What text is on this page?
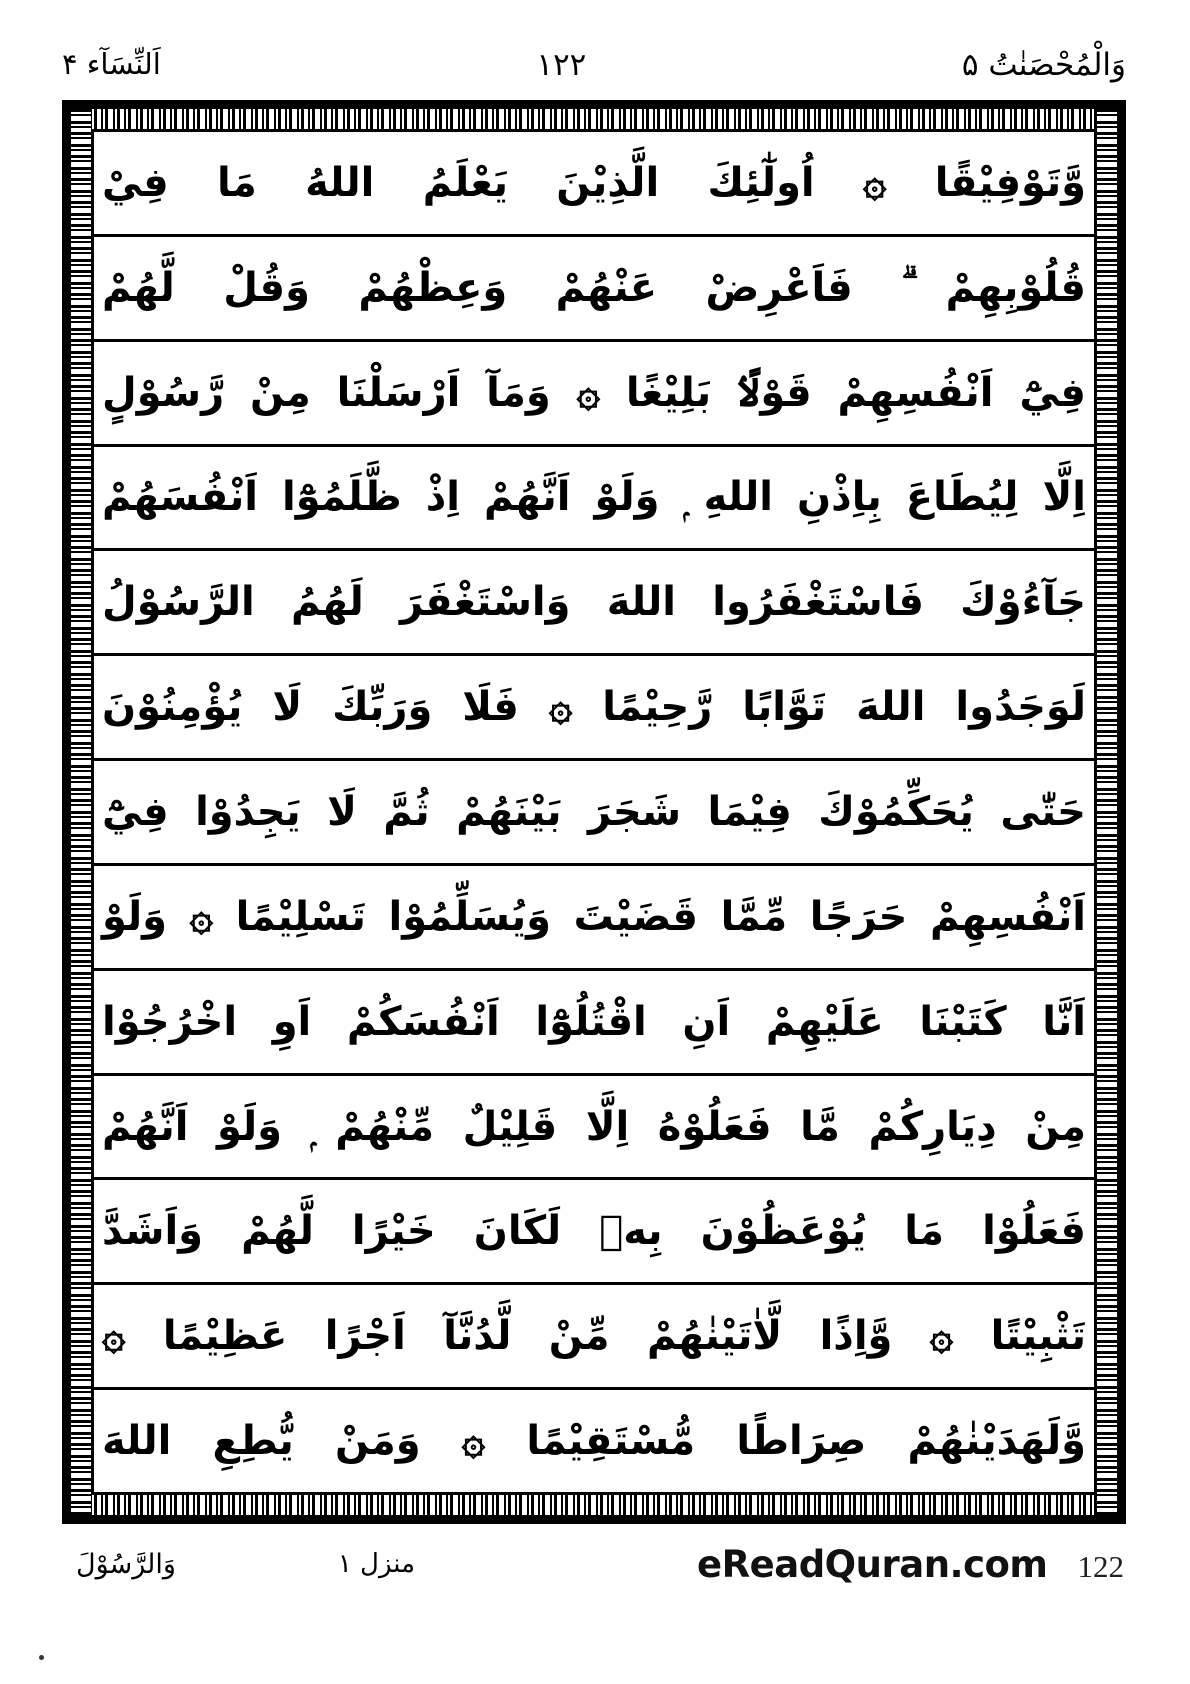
اَلنِّسَآء ۴	۱۲۲	وَالْمُحْصَنٰتُ ۵
وَّتَوْفِيْقًا ۞ اُولٰٓئِكَ الَّذِيْنَ يَعْلَمُ اللهُ مَا فِيْ
قُلُوْبِهِمْ ۗ فَاَعْرِضْ عَنْهُمْ وَعِظْهُمْ وَقُلْ لَّهُمْ
فِيْٓ اَنْفُسِهِمْ قَوْلًاۢ بَلِيْغًا ۞ وَمَآ اَرْسَلْنَا مِنْ رَّسُوْلٍ
اِلَّا لِيُطَاعَ بِاِذْنِ اللهِ ۭ وَلَوْ اَنَّهُمْ اِذْ ظَّلَمُوْٓا اَنْفُسَهُمْ
جَآءُوْكَ فَاسْتَغْفَرُوا اللهَ وَاسْتَغْفَرَ لَهُمُ الرَّسُوْلُ
لَوَجَدُوا اللهَ تَوَّابًا رَّحِيْمًا ۞ فَلَا وَرَبِّكَ لَا يُؤْمِنُوْنَ
حَتّٰى يُحَكِّمُوْكَ فِيْمَا شَجَرَ بَيْنَهُمْ ثُمَّ لَا يَجِدُوْا فِيْٓ
اَنْفُسِهِمْ حَرَجًا مِّمَّا قَضَيْتَ وَيُسَلِّمُوْا تَسْلِيْمًا ۞ وَلَوْ
اَنَّا كَتَبْنَا عَلَيْهِمْ اَنِ اقْتُلُوْٓا اَنْفُسَكُمْ اَوِ اخْرُجُوْا
مِنْ دِيَارِكُمْ مَّا فَعَلُوْهُ اِلَّا قَلِيْلٌ مِّنْهُمْ ۭ وَلَوْ اَنَّهُمْ
فَعَلُوْا مَا يُوْعَظُوْنَ بِهٖ لَكَانَ خَيْرًا لَّهُمْ وَاَشَدَّ
تَثْبِيْتًا ۞ وَّاِذًا لَّاٰتَيْنٰهُمْ مِّنْ لَّدُنَّآ اَجْرًا عَظِيْمًا ۞
وَّلَهَدَيْنٰهُمْ صِرَاطًا مُّسْتَقِيْمًا ۞ وَمَنْ يُّطِعِ اللهَ
وَالرَّسُوْلَ	منزل ۱	eReadQuran.com 122
